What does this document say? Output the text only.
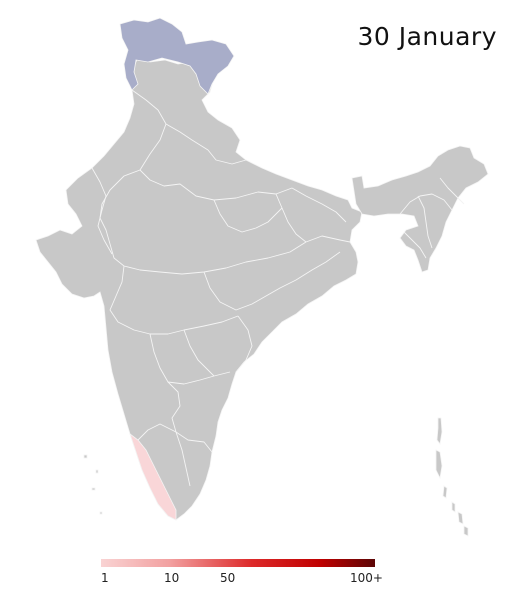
30 January
1	10	50	100+
